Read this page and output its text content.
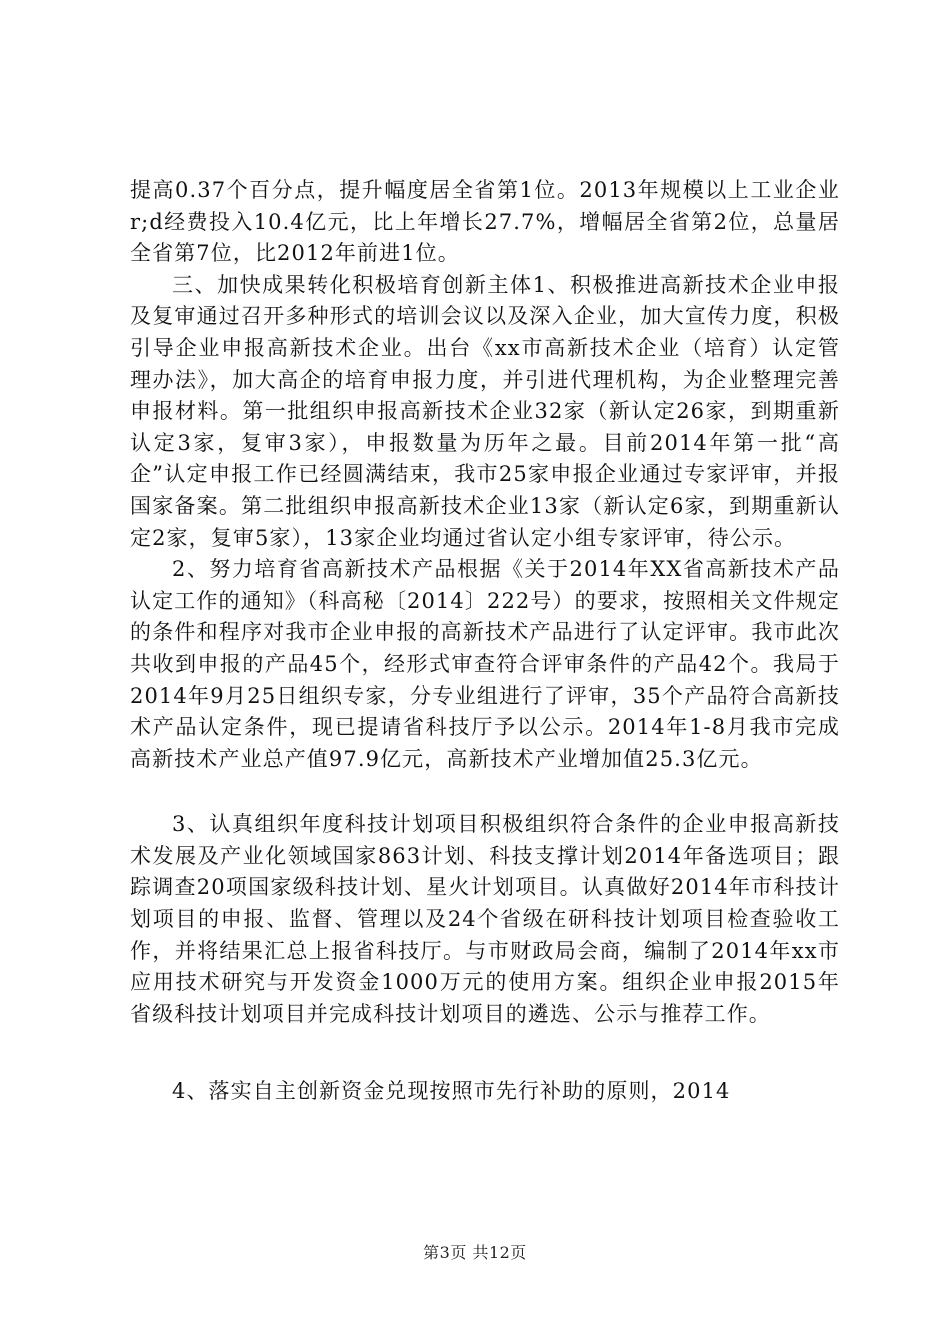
提高0.37个百分点，提升幅度居全省第1位。2013年规模以上工业企业r;d经费投入10.4亿元，比上年增长27.7%，增幅居全省第2位，总量居全省第7位，比2012年前进1位。

三、加快成果转化积极培育创新主体1、积极推进高新技术企业申报及复审通过召开多种形式的培训会议以及深入企业，加大宣传力度，积极引导企业申报高新技术企业。出台《xx市高新技术企业（培育）认定管理办法》，加大高企的培育申报力度，并引进代理机构，为企业整理完善申报材料。第一批组织申报高新技术企业32家（新认定26家，到期重新认定3家，复审3家），申报数量为历年之最。目前2014年第一批“高企”认定申报工作已经圆满结束，我市25家申报企业通过专家评审，并报国家备案。第二批组织申报高新技术企业13家（新认定6家，到期重新认定2家，复审5家），13家企业均通过省认定小组专家评审，待公示。

2、努力培育省高新技术产品根据《关于2014年XX省高新技术产品认定工作的通知》（科高秘〔2014〕222号）的要求，按照相关文件规定的条件和程序对我市企业申报的高新技术产品进行了认定评审。我市此次共收到申报的产品45个，经形式审查符合评审条件的产品42个。我局于2014年9月25日组织专家，分专业组进行了评审，35个产品符合高新技术产品认定条件，现已提请省科技厅予以公示。2014年1-8月我市完成高新技术产业总产值97.9亿元，高新技术产业增加值25.3亿元。

3、认真组织年度科技计划项目积极组织符合条件的企业申报高新技术发展及产业化领域国家863计划、科技支撑计划2014年备选项目；跟踪调查20项国家级科技计划、星火计划项目。认真做好2014年市科技计划项目的申报、监督、管理以及24个省级在研科技计划项目检查验收工作，并将结果汇总上报省科技厅。与市财政局会商，编制了2014年xx市应用技术研究与开发资金1000万元的使用方案。组织企业申报2015年省级科技计划项目并完成科技计划项目的遴选、公示与推荐工作。

4、落实自主创新资金兑现按照市先行补助的原则，2014

第3页 共12页
